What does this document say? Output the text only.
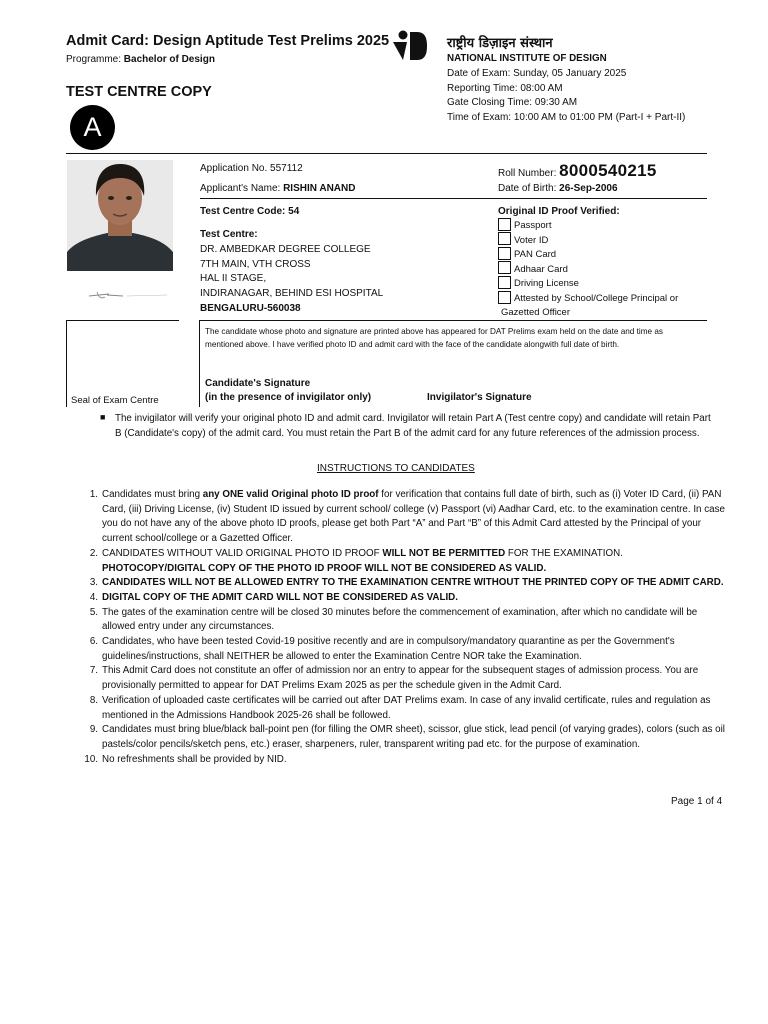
Admit Card: Design Aptitude Test Prelims 2025
Programme: Bachelor of Design
TEST CENTRE COPY
A
राष्ट्रीय डिज़ाइन संस्थान
NATIONAL INSTITUTE OF DESIGN
Date of Exam: Sunday, 05 January 2025
Reporting Time: 08:00 AM
Gate Closing Time: 09:30 AM
Time of Exam: 10:00 AM to 01:00 PM (Part-I + Part-II)
Application No. 557112
Applicant's Name: RISHIN ANAND
Roll Number: 8000540215
Date of Birth: 26-Sep-2006
Test Centre Code: 54
Test Centre:
DR. AMBEDKAR DEGREE COLLEGE
7TH MAIN, VTH CROSS
HAL II STAGE,
INDIRANAGAR, BEHIND ESI HOSPITAL
BENGALURU-560038
Original ID Proof Verified:
Passport
Voter ID
PAN Card
Adhaar Card
Driving License
Attested by School/College Principal or
Gazetted Officer
The candidate whose photo and signature are printed above has appeared for DAT Prelims exam held on the date and time as mentioned above. I have verified photo ID and admit card with the face of the candidate alongwith full date of birth.
Candidate's Signature
(in the presence of invigilator only)	Invigilator's Signature
Seal of Exam Centre
■ The invigilator will verify your original photo ID and admit card. Invigilator will retain Part A (Test centre copy) and candidate will retain Part B (Candidate's copy) of the admit card. You must retain the Part B of the admit card for any future references of the admission process.
INSTRUCTIONS TO CANDIDATES
1. Candidates must bring any ONE valid Original photo ID proof for verification that contains full date of birth, such as (i) Voter ID Card, (ii) PAN Card, (iii) Driving License, (iv) Student ID issued by current school/ college (v) Passport (vi) Aadhar Card, etc. to the examination centre. In case you do not have any of the above photo ID proofs, please get both Part “A” and Part “B” of this Admit Card attested by the Principal of your current school/college or a Gazetted Officer.
2. CANDIDATES WITHOUT VALID ORIGINAL PHOTO ID PROOF WILL NOT BE PERMITTED FOR THE EXAMINATION.
PHOTOCOPY/DIGITAL COPY OF THE PHOTO ID PROOF WILL NOT BE CONSIDERED AS VALID.
3. CANDIDATES WILL NOT BE ALLOWED ENTRY TO THE EXAMINATION CENTRE WITHOUT THE PRINTED COPY OF THE ADMIT CARD.
4. DIGITAL COPY OF THE ADMIT CARD WILL NOT BE CONSIDERED AS VALID.
5. The gates of the examination centre will be closed 30 minutes before the commencement of examination, after which no candidate will be allowed entry under any circumstances.
6. Candidates, who have been tested Covid-19 positive recently and are in compulsory/mandatory quarantine as per the Government's guidelines/instructions, shall NEITHER be allowed to enter the Examination Centre NOR take the Examination.
7. This Admit Card does not constitute an offer of admission nor an entry to appear for the subsequent stages of admission process. You are provisionally permitted to appear for DAT Prelims Exam 2025 as per the schedule given in the Admit Card.
8. Verification of uploaded caste certificates will be carried out after DAT Prelims exam. In case of any invalid certificate, rules and regulation as mentioned in the Admissions Handbook 2025-26 shall be followed.
9. Candidates must bring blue/black ball-point pen (for filling the OMR sheet), scissor, glue stick, lead pencil (of varying grades), colors (such as oil pastels/color pencils/sketch pens, etc.) eraser, sharpeners, ruler, transparent writing pad etc. for the purpose of examination.
10. No refreshments shall be provided by NID.
Page 1 of 4
